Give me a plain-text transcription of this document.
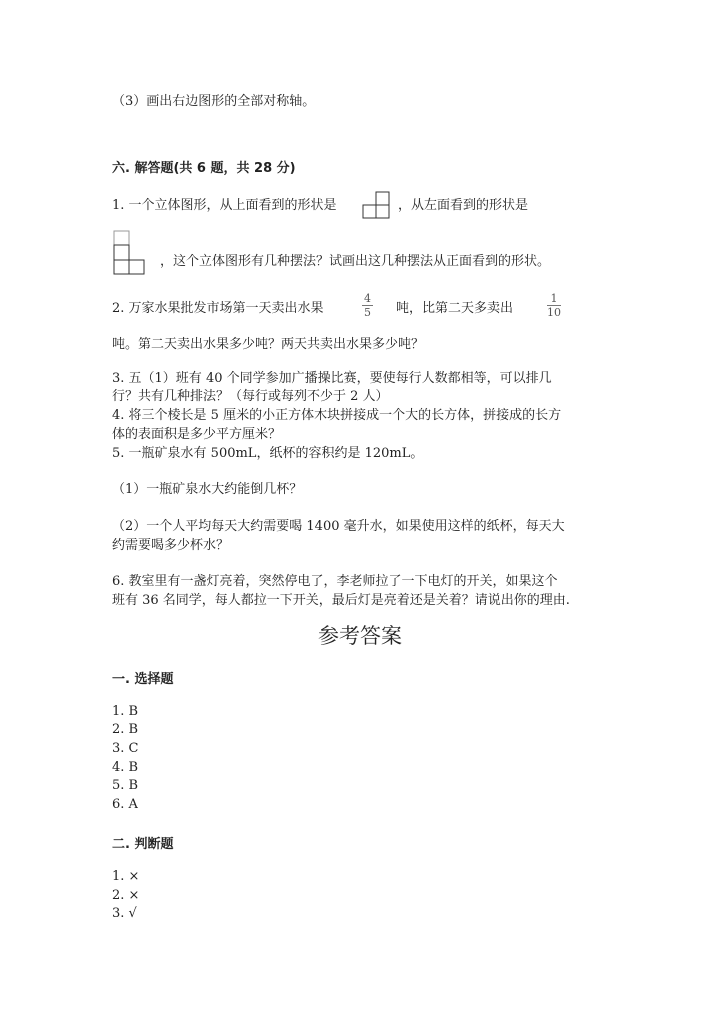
（3）画出右边图形的全部对称轴。
六. 解答题(共 6 题，共 28 分)
1. 一个立体图形，从上面看到的形状是	，从左面看到的形状是
，这个立体图形有几种摆法？试画出这几种摆法从正面看到的形状。
2. 万家水果批发市场第一天卖出水果	$\frac{4}{5}$ 吨，比第二天多卖出	$\frac{1}{10}$
吨。第二天卖出水果多少吨？两天共卖出水果多少吨？
3. 五（1）班有 40 个同学参加广播操比赛，要使每行人数都相等，可以排几
行？共有几种排法？（每行或每列不少于 2 人）
4. 将三个棱长是 5 厘米的小正方体木块拼接成一个大的长方体，拼接成的长方
体的表面积是多少平方厘米？
5. 一瓶矿泉水有 500mL，纸杯的容积约是 120mL。
（1）一瓶矿泉水大约能倒几杯？
（2）一个人平均每天大约需要喝 1400 毫升水，如果使用这样的纸杯，每天大
约需要喝多少杯水？
6. 教室里有一盏灯亮着，突然停电了，李老师拉了一下电灯的开关，如果这个
班有 36 名同学，每人都拉一下开关，最后灯是亮着还是关着？请说出你的理由.
参考答案
一. 选择题
1. B
2. B
3. C
4. B
5. B
6. A
二. 判断题
1. ×
2. ×
3. √
